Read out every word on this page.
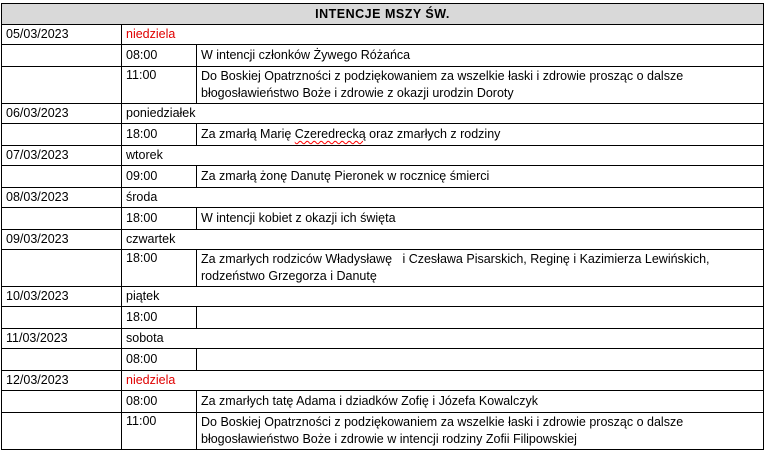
INTENCJE MSZY ŚW.		
05/03/2023	niedziela	
	08:00	W intencji członków Żywego Różańca
	11:00	Do Boskiej Opatrzności z podziękowaniem za wszelkie łaski i zdrowie prosząc o dalsze błogosławieństwo Boże i zdrowie z okazji urodzin Doroty
06/03/2023	poniedziałek	
	18:00	Za zmarłą Marię Czeredrecką oraz zmarłych z rodziny
07/03/2023	wtorek	
	09:00	Za zmarłą żonę Danutę Pieronek w rocznicę śmierci
08/03/2023	środa	
	18:00	W intencji kobiet z okazji ich święta
09/03/2023	czwartek	
	18:00	Za zmarłych rodziców Władysławę   i Czesława Pisarskich, Reginę i Kazimierza Lewińskich, rodzeństwo Grzegorza i Danutę
10/03/2023	piątek	
	18:00	
11/03/2023	sobota	
	08:00	
12/03/2023	niedziela	
	08:00	Za zmarłych tatę Adama i dziadków Zofię i Józefa Kowalczyk
	11:00	Do Boskiej Opatrzności z podziękowaniem za wszelkie łaski i zdrowie prosząc o dalsze błogosławieństwo Boże i zdrowie w intencji rodziny Zofii Filipowskiej
